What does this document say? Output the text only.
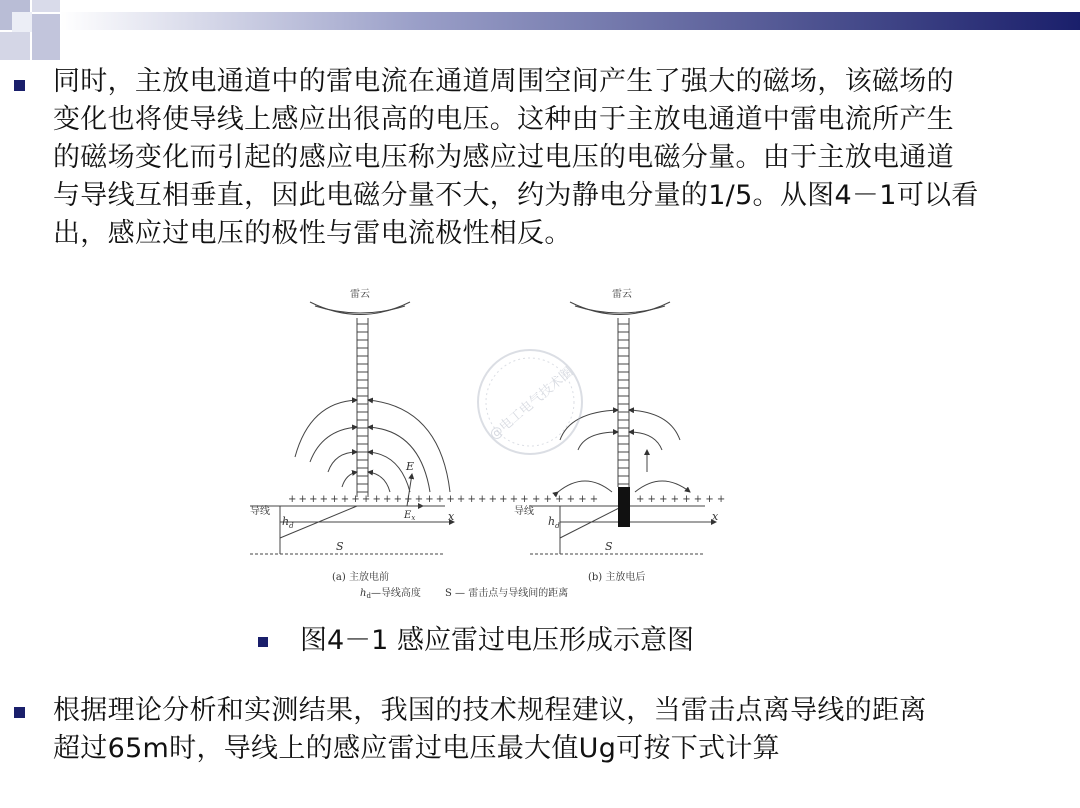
同时，主放电通道中的雷电流在通道周围空间产生了强大的磁场，该磁场的
变化也将使导线上感应出很高的电压。这种由于主放电通道中雷电流所产生
的磁场变化而引起的感应电压称为感应过电压的电磁分量。由于主放电通道
与导线互相垂直，因此电磁分量不大，约为静电分量的1/5。从图4－1可以看
出，感应过电压的极性与雷电流极性相反。
雷云	雷云
+ + + + + + + + + + + + + + + + + + + + + + + + + + + + +	+ + + + + + + +
导线	导线
$h_d$	$h_d$
S	S
x	x
E
$E_x$
(a) 主放电前	(b) 主放电后
$h_d—$导线高度 S — 雷击点与导线间的距离
@电工电气技术圈
图4－1 感应雷过电压形成示意图
根据理论分析和实测结果，我国的技术规程建议，当雷击点离导线的距离
超过65m时，导线上的感应雷过电压最大值Ug可按下式计算
